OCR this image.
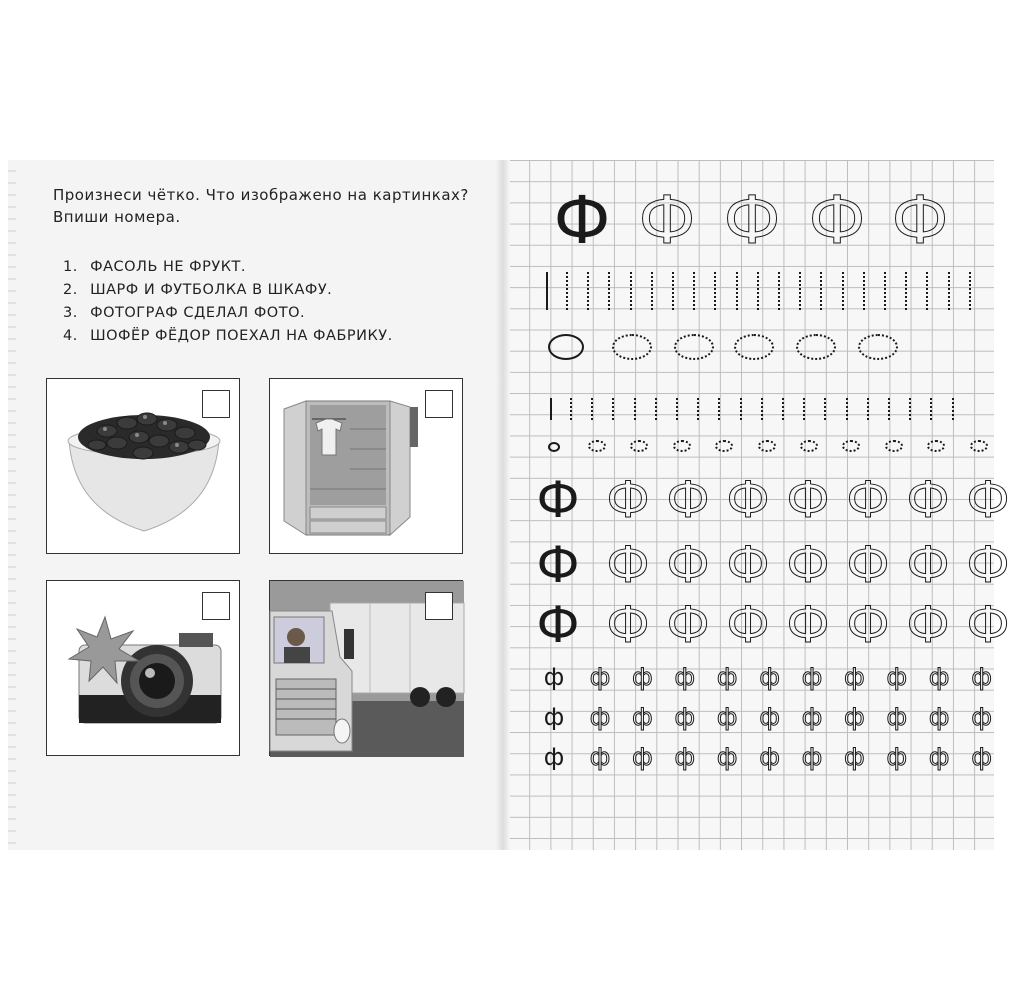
Произнеси чётко. Что изображено на картинках? Впиши номера.
1. ФАСОЛЬ НЕ ФРУКТ.
2. ШАРФ И ФУТБОЛКА В ШКАФУ.
3. ФОТОГРАФ СДЕЛАЛ ФОТО.
4. ШОФЁР ФЁДОР ПОЕХАЛ НА ФАБРИКУ.
Ф Ф Ф Ф Ф
Ф Ф Ф Ф Ф Ф Ф Ф
Ф Ф Ф Ф Ф Ф Ф Ф
Ф Ф Ф Ф Ф Ф Ф Ф
ф ф ф ф ф ф ф ф ф ф ф
ф ф ф ф ф ф ф ф ф ф ф
ф ф ф ф ф ф ф ф ф ф ф
